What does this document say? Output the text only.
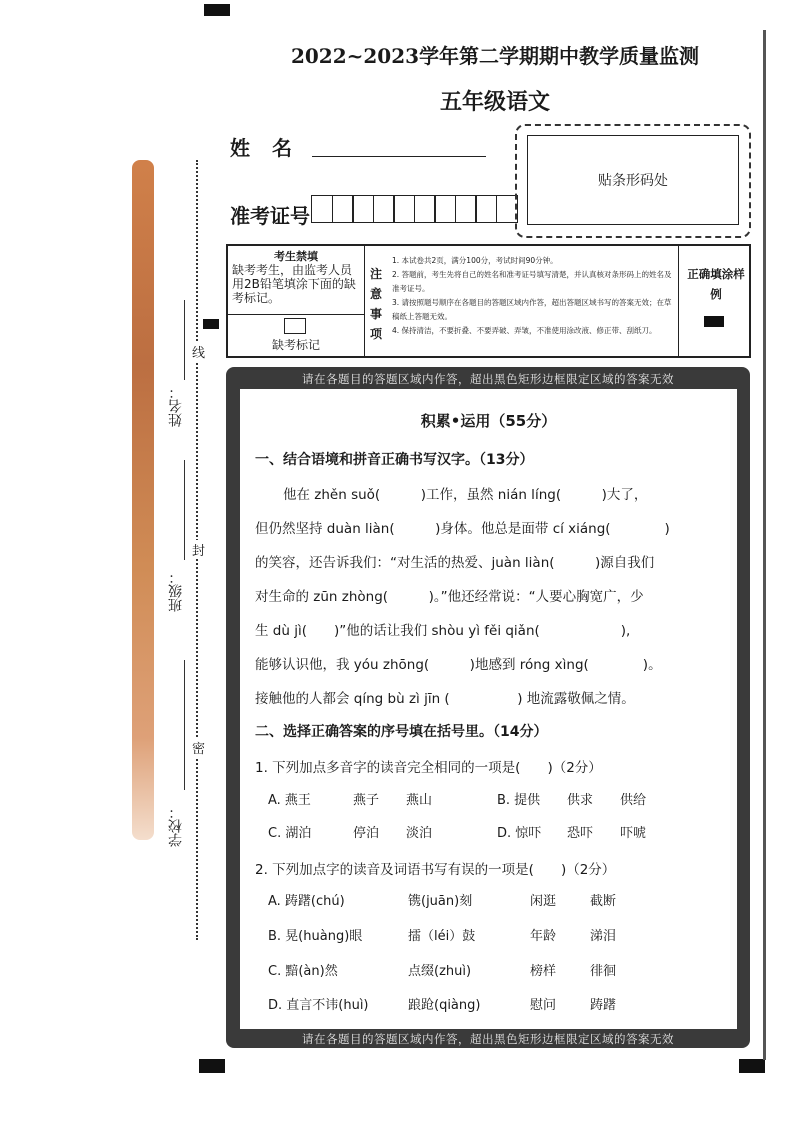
线
封
密
姓名：
班级：
学校：
2022~2023学年第二学期期中教学质量监测
五年级语文
姓名
准考证号
贴条形码处
考生禁填
缺考考生，由监考人员用2B铅笔填涂下面的缺考标记。
缺考标记
注意事项
1. 本试卷共2页，满分100分，考试时间90分钟。
2. 答题前，考生先将自己的姓名和准考证号填写清楚，并认真核对条形码上的姓名及准考证号。
3. 请按照题号顺序在各题目的答题区域内作答，超出答题区域书写的答案无效；在草稿纸上答题无效。
4. 保持清洁，不要折叠、不要弄破、弄皱，不准使用涂改液、修正带、刮纸刀。
正确填涂样例
请在各题目的答题区域内作答，超出黑色矩形边框限定区域的答案无效
请在各题目的答题区域内作答，超出黑色矩形边框限定区域的答案无效
积累•运用（55分）
一、结合语境和拼音正确书写汉字。（13分）
他在 zhěn suǒ(　　　)工作，虽然 nián líng(　　　)大了，
但仍然坚持 duàn liàn(　　　)身体。他总是面带 cí xiáng(　　　　)
的笑容，还告诉我们：“对生活的热爱、juàn liàn(　　　)源自我们
对生命的 zūn zhòng(　　　)。”他还经常说：“人要心胸宽广，少
生 dù jì(　　)”他的话让我们 shòu yì fěi qiǎn(　　　　　　),
能够认识他，我 yóu zhōng(　　　)地感到 róng xìng(　　　　)。
接触他的人都会 qíng bù zì jīn (　　　　　) 地流露敬佩之情。
二、选择正确答案的序号填在括号里。（14分）
1. 下列加点多音字的读音完全相同的一项是(　　)（2分）
A. 燕王	燕子 燕山	B. 提供 供求 供给
C. 湖泊	停泊 淡泊	D. 惊吓 恐吓 吓唬
2. 下列加点字的读音及词语书写有误的一项是(　　)（2分）
A. 踌躇(chú)	镌(juān)刻	闲逛	截断
B. 晃(huàng)眼	擂（léi）鼓	年龄	涕泪
C. 黯(àn)然	点缀(zhuì)	榜样	徘徊
D. 直言不讳(huì)	踉跄(qiàng)	慰问	踌躇
